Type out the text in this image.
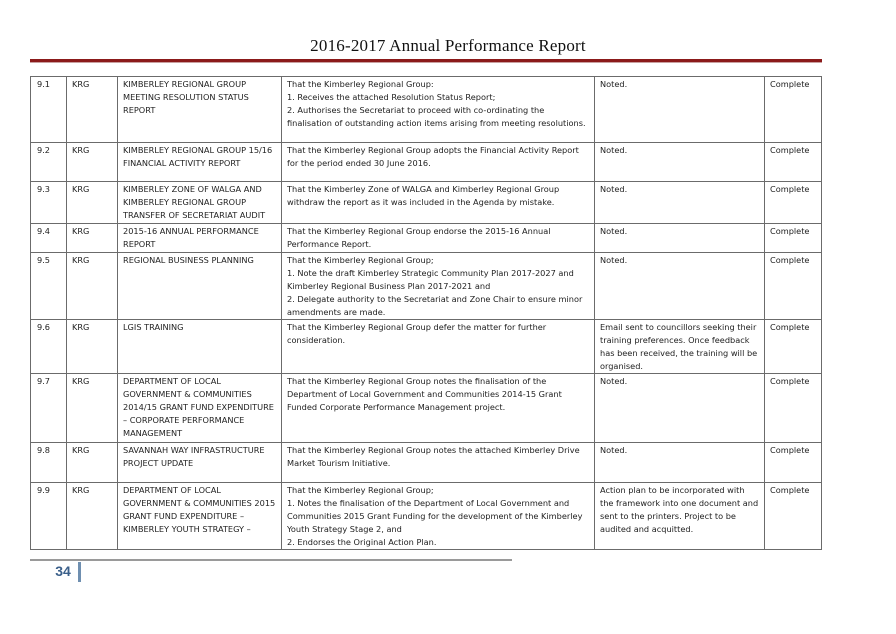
2016-2017 Annual Performance Report
9.1	KRG	KIMBERLEY REGIONAL GROUP MEETING RESOLUTION STATUS REPORT	That the Kimberley Regional Group:
1. Receives the attached Resolution Status Report;
2. Authorises the Secretariat to proceed with co-ordinating the finalisation of outstanding action items arising from meeting resolutions.	Noted.	Complete
9.2	KRG	KIMBERLEY REGIONAL GROUP 15/16 FINANCIAL ACTIVITY REPORT	That the Kimberley Regional Group adopts the Financial Activity Report for the period ended 30 June 2016.	Noted.	Complete
9.3	KRG	KIMBERLEY ZONE OF WALGA AND KIMBERLEY REGIONAL GROUP TRANSFER OF SECRETARIAT AUDIT	That the Kimberley Zone of WALGA and Kimberley Regional Group withdraw the report as it was included in the Agenda by mistake.	Noted.	Complete
9.4	KRG	2015-16 ANNUAL PERFORMANCE REPORT	That the Kimberley Regional Group endorse the 2015-16 Annual Performance Report.	Noted.	Complete
9.5	KRG	REGIONAL BUSINESS PLANNING	That the Kimberley Regional Group;
1. Note the draft Kimberley Strategic Community Plan 2017-2027 and Kimberley Regional Business Plan 2017-2021 and
2. Delegate authority to the Secretariat and Zone Chair to ensure minor amendments are made.	Noted.	Complete
9.6	KRG	LGIS TRAINING	That the Kimberley Regional Group defer the matter for further consideration.	Email sent to councillors seeking their training preferences. Once feedback has been received, the training will be organised.	Complete
9.7	KRG	DEPARTMENT OF LOCAL GOVERNMENT & COMMUNITIES 2014/15 GRANT FUND EXPENDITURE – CORPORATE PERFORMANCE MANAGEMENT	That the Kimberley Regional Group notes the finalisation of the Department of Local Government and Communities 2014-15 Grant Funded Corporate Performance Management project.	Noted.	Complete
9.8	KRG	SAVANNAH WAY INFRASTRUCTURE PROJECT UPDATE	That the Kimberley Regional Group notes the attached Kimberley Drive Market Tourism Initiative.	Noted.	Complete
9.9	KRG	DEPARTMENT OF LOCAL GOVERNMENT & COMMUNITIES 2015 GRANT FUND EXPENDITURE – KIMBERLEY YOUTH STRATEGY –	That the Kimberley Regional Group;
1. Notes the finalisation of the Department of Local Government and Communities 2015 Grant Funding for the development of the Kimberley Youth Strategy Stage 2, and
2. Endorses the Original Action Plan.	Action plan to be incorporated with the framework into one document and sent to the printers. Project to be audited and acquitted.	Complete
34
